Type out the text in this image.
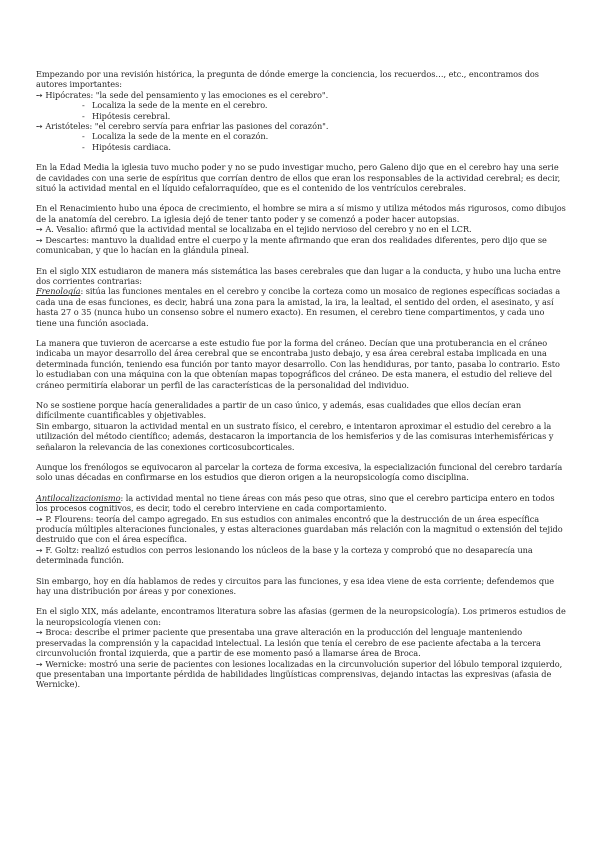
Empezando por una revisión histórica, la pregunta de dónde emerge la conciencia, los recuerdos…, etc., encontramos dos autores importantes:

➙ Hipócrates: "la sede del pensamiento y las emociones es el cerebro".

- Localiza la sede de la mente en el cerebro.

- Hipótesis cerebral.

➙ Aristóteles: "el cerebro servía para enfriar las pasiones del corazón".

- Localiza la sede de la mente en el corazón.

- Hipótesis cardiaca.

En la Edad Media la iglesia tuvo mucho poder y no se pudo investigar mucho, pero Galeno dijo que en el cerebro hay una serie de cavidades con una serie de espíritus que corrían dentro de ellos que eran los responsables de la actividad cerebral; es decir, situó la actividad mental en el líquido cefalorraquídeo, que es el contenido de los ventrículos cerebrales.

En el Renacimiento hubo una época de crecimiento, el hombre se mira a sí mismo y utiliza métodos más rigurosos, como dibujos de la anatomía del cerebro. La iglesia dejó de tener tanto poder y se comenzó a poder hacer autopsias.

➙ A. Vesalio: afirmó que la actividad mental se localizaba en el tejido nervioso del cerebro y no en el LCR.

➙ Descartes: mantuvo la dualidad entre el cuerpo y la mente afirmando que eran dos realidades diferentes, pero dijo que se comunicaban, y que lo hacían en la glándula pineal.

En el siglo XIX estudiaron de manera más sistemática las bases cerebrales que dan lugar a la conducta, y hubo una lucha entre dos corrientes contrarias:

Frenología: sitúa las funciones mentales en el cerebro y concibe la corteza como un mosaico de regiones específicas sociadas a cada una de esas funciones, es decir, habrá una zona para la amistad, la ira, la lealtad, el sentido del orden, el asesinato, y así hasta 27 o 35 (nunca hubo un consenso sobre el numero exacto). En resumen, el cerebro tiene compartimentos, y cada uno tiene una función asociada.

La manera que tuvieron de acercarse a este estudio fue por la forma del cráneo. Decían que una protuberancia en el cráneo indicaba un mayor desarrollo del área cerebral que se encontraba justo debajo, y esa área cerebral estaba implicada en una determinada función, teniendo esa función por tanto mayor desarrollo. Con las hendiduras, por tanto, pasaba lo contrario. Esto lo estudiaban con una máquina con la que obtenían mapas topográficos del cráneo. De esta manera, el estudio del relieve del cráneo permitiría elaborar un perfil de las características de la personalidad del individuo.

No se sostiene porque hacía generalidades a partir de un caso único, y además, esas cualidades que ellos decían eran difícilmente cuantificables y objetivables.

Sin embargo, situaron la actividad mental en un sustrato físico, el cerebro, e intentaron aproximar el estudio del cerebro a la utilización del método científico; además, destacaron la importancia de los hemisferios y de las comisuras interhemisféricas y señalaron la relevancia de las conexiones corticosubcorticales.

Aunque los frenólogos se equivocaron al parcelar la corteza de forma excesiva, la especialización funcional del cerebro tardaría solo unas décadas en confirmarse en los estudios que dieron origen a la neuropsicología como disciplina.

Antilocalizacionismo: la actividad mental no tiene áreas con más peso que otras, sino que el cerebro participa entero en todos los procesos cognitivos, es decir, todo el cerebro interviene en cada comportamiento.

➙ P. Flourens: teoría del campo agregado. En sus estudios con animales encontró que la destrucción de un área específica producía múltiples alteraciones funcionales, y estas alteraciones guardaban más relación con la magnitud o extensión del tejido destruido que con el área específica.

➙ F. Goltz: realizó estudios con perros lesionando los núcleos de la base y la corteza y comprobó que no desaparecía una determinada función.

Sin embargo, hoy en día hablamos de redes y circuitos para las funciones, y esa idea viene de esta corriente; defendemos que hay una distribución por áreas y por conexiones.

En el siglo XIX, más adelante, encontramos literatura sobre las afasias (germen de la neuropsicología). Los primeros estudios de la neuropsicología vienen con:

➙ Broca: describe el primer paciente que presentaba una grave alteración en la producción del lenguaje manteniendo preservadas la comprensión y la capacidad intelectual. La lesión que tenía el cerebro de ese paciente afectaba a la tercera circunvolución frontal izquierda, que a partir de ese momento pasó a llamarse área de Broca.

➙ Wernicke: mostró una serie de pacientes con lesiones localizadas en la circunvolución superior del lóbulo temporal izquierdo, que presentaban una importante pérdida de habilidades lingüísticas comprensivas, dejando intactas las expresivas (afasia de Wernicke).
